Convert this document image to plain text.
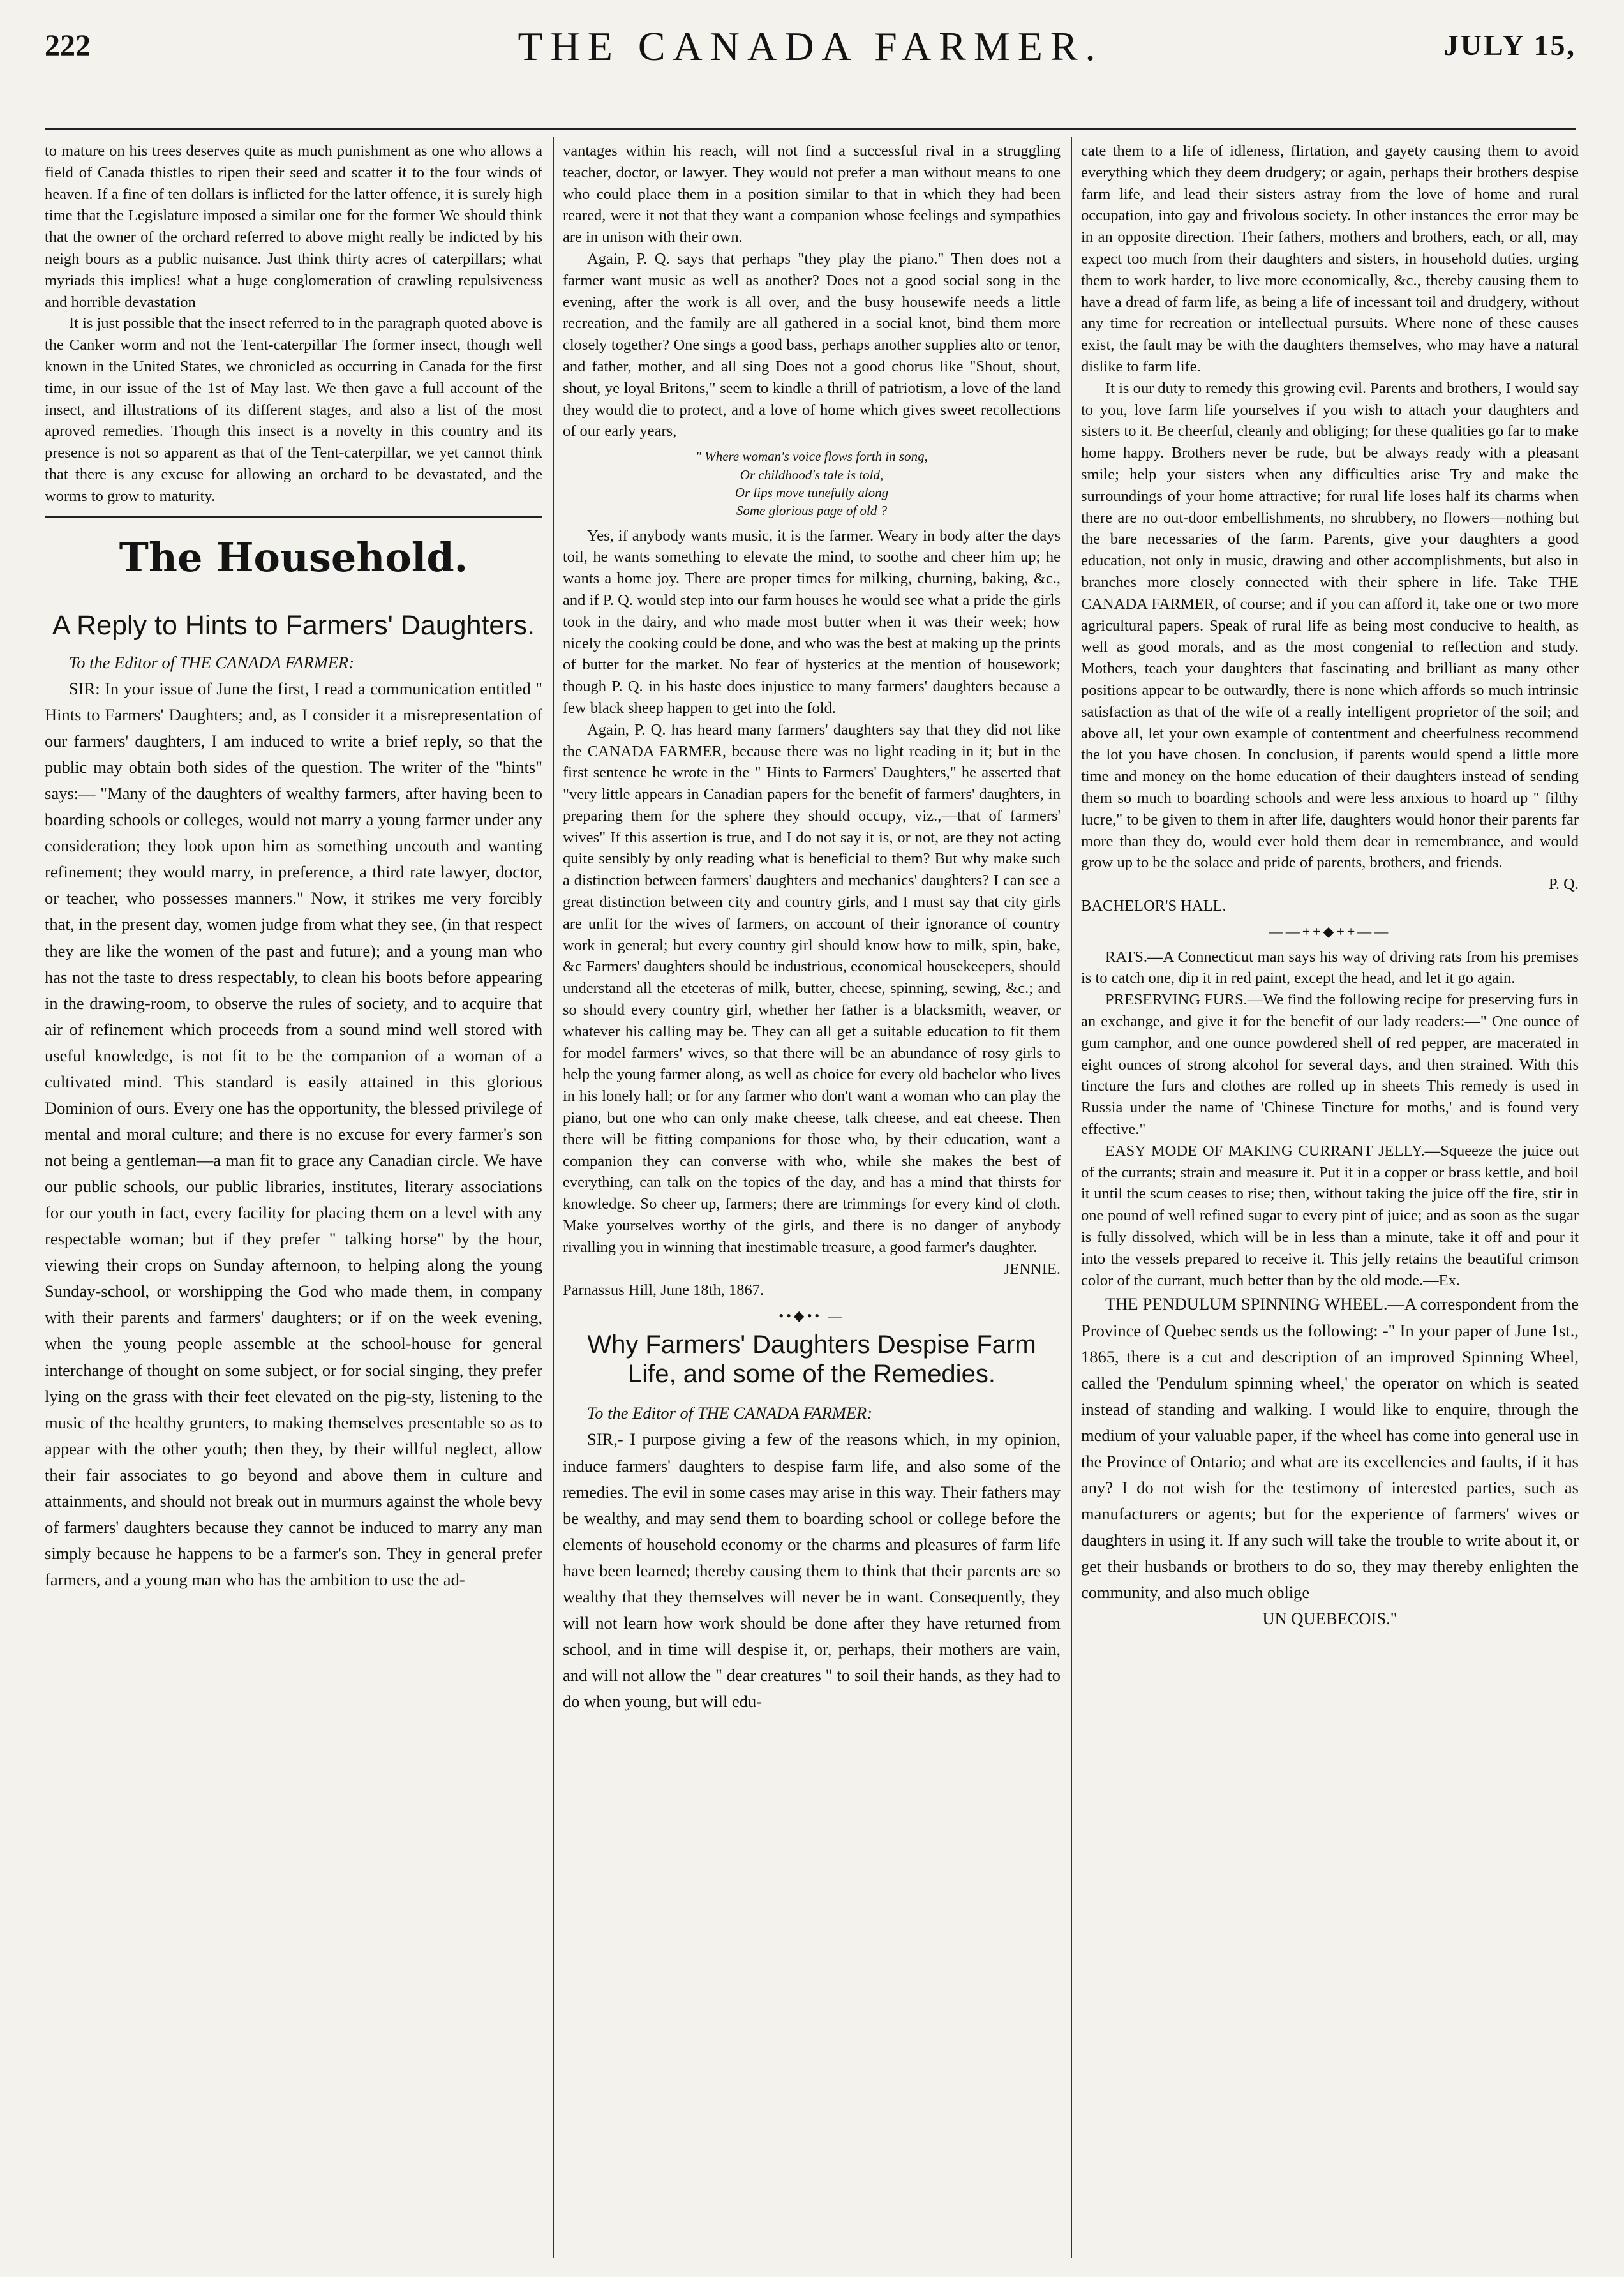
222	THE CANADA FARMER.	JULY 15,

to mature on his trees deserves quite as much punishment as one who allows a field of Canada thistles to ripen their seed and scatter it to the four winds of heaven. If a fine of ten dollars is inflicted for the latter offence, it is surely high time that the Legislature imposed a similar one for the former We should think that the owner of the orchard referred to above might really be indicted by his neigh bours as a public nuisance. Just think thirty acres of caterpillars; what myriads this implies! what a huge conglomeration of crawling repulsiveness and horrible devastation

It is just possible that the insect referred to in the paragraph quoted above is the Canker worm and not the Tent-caterpillar The former insect, though well known in the United States, we chronicled as occurring in Canada for the first time, in our issue of the 1st of May last. We then gave a full account of the insect, and illustrations of its different stages, and also a list of the most aproved remedies. Though this insect is a novelty in this country and its presence is not so apparent as that of the Tent-caterpillar, we yet cannot think that there is any excuse for allowing an orchard to be devastated, and the worms to grow to maturity.

The Household.
— — — — —
A Reply to Hints to Farmers' Daughters.

To the Editor of THE CANADA FARMER:

SIR: In your issue of June the first, I read a communication entitled " Hints to Farmers' Daughters; and, as I consider it a misrepresentation of our farmers' daughters, I am induced to write a brief reply, so that the public may obtain both sides of the question. The writer of the "hints" says:— "Many of the daughters of wealthy farmers, after having been to boarding schools or colleges, would not marry a young farmer under any consideration; they look upon him as something uncouth and wanting refinement; they would marry, in preference, a third rate lawyer, doctor, or teacher, who possesses manners." Now, it strikes me very forcibly that, in the present day, women judge from what they see, (in that respect they are like the women of the past and future); and a young man who has not the taste to dress respectably, to clean his boots before appearing in the drawing-room, to observe the rules of society, and to acquire that air of refinement which proceeds from a sound mind well stored with useful knowledge, is not fit to be the companion of a woman of a cultivated mind. This standard is easily attained in this glorious Dominion of ours. Every one has the opportunity, the blessed privilege of mental and moral culture; and there is no excuse for every farmer's son not being a gentleman—a man fit to grace any Canadian circle. We have our public schools, our public libraries, institutes, literary associations for our youth in fact, every facility for placing them on a level with any respectable woman; but if they prefer " talking horse" by the hour, viewing their crops on Sunday afternoon, to helping along the young Sunday-school, or worshipping the God who made them, in company with their parents and farmers' daughters; or if on the week evening, when the young people assemble at the school-house for general interchange of thought on some subject, or for social singing, they prefer lying on the grass with their feet elevated on the pig-sty, listening to the music of the healthy grunters, to making themselves presentable so as to appear with the other youth; then they, by their willful neglect, allow their fair associates to go beyond and above them in culture and attainments, and should not break out in murmurs against the whole bevy of farmers' daughters because they cannot be induced to marry any man simply because he happens to be a farmer's son. They in general prefer farmers, and a young man who has the ambition to use the ad-

vantages within his reach, will not find a successful rival in a struggling teacher, doctor, or lawyer. They would not prefer a man without means to one who could place them in a position similar to that in which they had been reared, were it not that they want a companion whose feelings and sympathies are in unison with their own.

Again, P. Q. says that perhaps "they play the piano." Then does not a farmer want music as well as another? Does not a good social song in the evening, after the work is all over, and the busy housewife needs a little recreation, and the family are all gathered in a social knot, bind them more closely together? One sings a good bass, perhaps another supplies alto or tenor, and father, mother, and all sing Does not a good chorus like "Shout, shout, shout, ye loyal Britons," seem to kindle a thrill of patriotism, a love of the land they would die to protect, and a love of home which gives sweet recollections of our early years,

" Where woman's voice flows forth in song,
Or childhood's tale is told,
Or lips move tunefully along
Some glorious page of old ?

Yes, if anybody wants music, it is the farmer. Weary in body after the days toil, he wants something to elevate the mind, to soothe and cheer him up; he wants a home joy. There are proper times for milking, churning, baking, &c., and if P. Q. would step into our farm houses he would see what a pride the girls took in the dairy, and who made most butter when it was their week; how nicely the cooking could be done, and who was the best at making up the prints of butter for the market. No fear of hysterics at the mention of housework; though P. Q. in his haste does injustice to many farmers' daughters because a few black sheep happen to get into the fold.

Again, P. Q. has heard many farmers' daughters say that they did not like the CANADA FARMER, because there was no light reading in it; but in the first sentence he wrote in the " Hints to Farmers' Daughters," he asserted that "very little appears in Canadian papers for the benefit of farmers' daughters, in preparing them for the sphere they should occupy, viz.,—that of farmers' wives" If this assertion is true, and I do not say it is, or not, are they not acting quite sensibly by only reading what is beneficial to them? But why make such a distinction between farmers' daughters and mechanics' daughters? I can see a great distinction between city and country girls, and I must say that city girls are unfit for the wives of farmers, on account of their ignorance of country work in general; but every country girl should know how to milk, spin, bake, &c Farmers' daughters should be industrious, economical housekeepers, should understand all the etceteras of milk, butter, cheese, spinning, sewing, &c.; and so should every country girl, whether her father is a blacksmith, weaver, or whatever his calling may be. They can all get a suitable education to fit them for model farmers' wives, so that there will be an abundance of rosy girls to help the young farmer along, as well as choice for every old bachelor who lives in his lonely hall; or for any farmer who don't want a woman who can play the piano, but one who can only make cheese, talk cheese, and eat cheese. Then there will be fitting companions for those who, by their education, want a companion they can converse with who, while she makes the best of everything, can talk on the topics of the day, and has a mind that thirsts for knowledge. So cheer up, farmers; there are trimmings for every kind of cloth. Make yourselves worthy of the girls, and there is no danger of anybody rivalling you in winning that inestimable treasure, a good farmer's daughter.

JENNIE.

Parnassus Hill, June 18th, 1867.

••◆•• —
Why Farmers' Daughters Despise Farm Life, and some of the Remedies.

To the Editor of THE CANADA FARMER:

SIR,- I purpose giving a few of the reasons which, in my opinion, induce farmers' daughters to despise farm life, and also some of the remedies. The evil in some cases may arise in this way. Their fathers may be wealthy, and may send them to boarding school or college before the elements of household economy or the charms and pleasures of farm life have been learned; thereby causing them to think that their parents are so wealthy that they themselves will never be in want. Consequently, they will not learn how work should be done after they have returned from school, and in time will despise it, or, perhaps, their mothers are vain, and will not allow the " dear creatures " to soil their hands, as they had to do when young, but will edu-

cate them to a life of idleness, flirtation, and gayety causing them to avoid everything which they deem drudgery; or again, perhaps their brothers despise farm life, and lead their sisters astray from the love of home and rural occupation, into gay and frivolous society. In other instances the error may be in an opposite direction. Their fathers, mothers and brothers, each, or all, may expect too much from their daughters and sisters, in household duties, urging them to work harder, to live more economically, &c., thereby causing them to have a dread of farm life, as being a life of incessant toil and drudgery, without any time for recreation or intellectual pursuits. Where none of these causes exist, the fault may be with the daughters themselves, who may have a natural dislike to farm life.

It is our duty to remedy this growing evil. Parents and brothers, I would say to you, love farm life yourselves if you wish to attach your daughters and sisters to it. Be cheerful, cleanly and obliging; for these qualities go far to make home happy. Brothers never be rude, but be always ready with a pleasant smile; help your sisters when any difficulties arise Try and make the surroundings of your home attractive; for rural life loses half its charms when there are no out-door embellishments, no shrubbery, no flowers—nothing but the bare necessaries of the farm. Parents, give your daughters a good education, not only in music, drawing and other accomplishments, but also in branches more closely connected with their sphere in life. Take THE CANADA FARMER, of course; and if you can afford it, take one or two more agricultural papers. Speak of rural life as being most conducive to health, as well as good morals, and as the most congenial to reflection and study. Mothers, teach your daughters that fascinating and brilliant as many other positions appear to be outwardly, there is none which affords so much intrinsic satisfaction as that of the wife of a really intelligent proprietor of the soil; and above all, let your own example of contentment and cheerfulness recommend the lot you have chosen. In conclusion, if parents would spend a little more time and money on the home education of their daughters instead of sending them so much to boarding schools and were less anxious to hoard up " filthy lucre," to be given to them in after life, daughters would honor their parents far more than they do, would ever hold them dear in remembrance, and would grow up to be the solace and pride of parents, brothers, and friends.

P. Q.

BACHELOR'S HALL.

——++◆++——

RATS.—A Connecticut man says his way of driving rats from his premises is to catch one, dip it in red paint, except the head, and let it go again.

PRESERVING FURS.—We find the following recipe for preserving furs in an exchange, and give it for the benefit of our lady readers:—" One ounce of gum camphor, and one ounce powdered shell of red pepper, are macerated in eight ounces of strong alcohol for several days, and then strained. With this tincture the furs and clothes are rolled up in sheets This remedy is used in Russia under the name of 'Chinese Tincture for moths,' and is found very effective."

EASY MODE OF MAKING CURRANT JELLY.—Squeeze the juice out of the currants; strain and measure it. Put it in a copper or brass kettle, and boil it until the scum ceases to rise; then, without taking the juice off the fire, stir in one pound of well refined sugar to every pint of juice; and as soon as the sugar is fully dissolved, which will be in less than a minute, take it off and pour it into the vessels prepared to receive it. This jelly retains the beautiful crimson color of the currant, much better than by the old mode.—Ex.

THE PENDULUM SPINNING WHEEL.—A correspondent from the Province of Quebec sends us the following: -" In your paper of June 1st., 1865, there is a cut and description of an improved Spinning Wheel, called the 'Pendulum spinning wheel,' the operator on which is seated instead of standing and walking. I would like to enquire, through the medium of your valuable paper, if the wheel has come into general use in the Province of Ontario; and what are its excellencies and faults, if it has any? I do not wish for the testimony of interested parties, such as manufacturers or agents; but for the experience of farmers' wives or daughters in using it. If any such will take the trouble to write about it, or get their husbands or brothers to do so, they may thereby enlighten the community, and also much oblige

UN QUEBECOIS."
